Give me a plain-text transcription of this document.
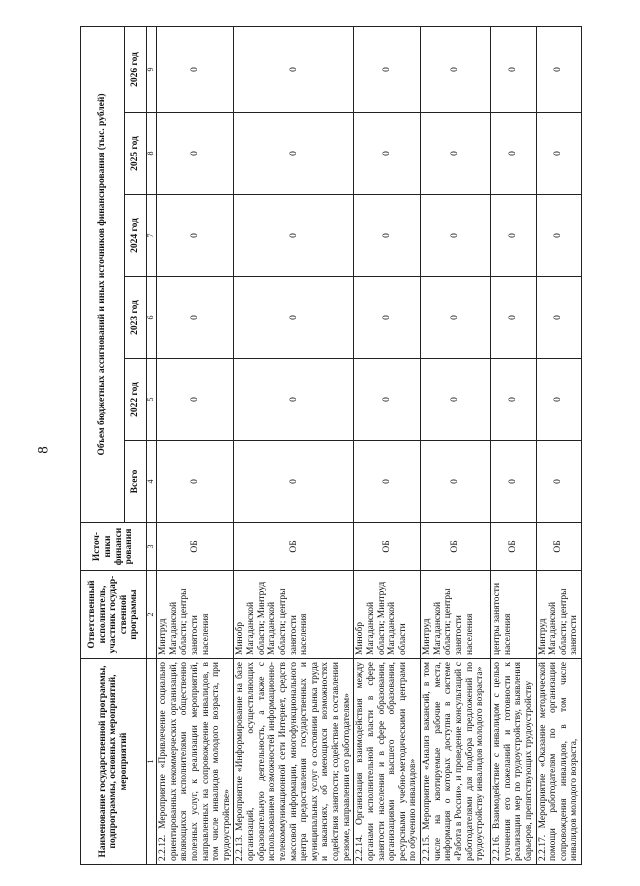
8
Наименование государственной программы, подпрограммы, основных мероприятий, мероприятий	Ответственный исполнитель, участник государ-ственной программы	Источ-ники финанси рования	Объем бюджетных ассигнований и иных источников финансирования (тыс. рублей)					
			Всего	2022 год	2023 год	2024 год	2025 год	2026 год
1	2	3	4	5	6	7	8	9
2.2.12. Мероприятие «Привлечение социально ориентированных некоммерческих организаций, являющихся исполнителями общественно полезных услуг, к реализации мероприятий, направленных на сопровождение инвалидов, в том числе инвалидов молодого возраста, при трудоустройстве»	Минтруд Магаданской области; центры занятости населения	ОБ	0	0	0	0	0	0
2.2.13. Мероприятие «Информирование на базе организаций, осуществляющих образовательную деятельность, а также с использованием возможностей информационно-телекоммуникационной сети Интернет, средств массовой информации, многофункционального центра предоставления государственных и муниципальных услуг о состоянии рынка труда и вакансиях, об имеющихся возможностях содействия занятости; содействие в составлении резюме, направлении его работодателям»	Минобр Магаданской области; Минтруд Магаданской области; центры занятости населения	ОБ	0	0	0	0	0	0
2.2.14. Организация взаимодействия между органами исполнительной власти в сфере занятости населения и в сфере образования, организациями высшего образования, ресурсными учебно-методическими центрами по обучению инвалидов»	Минобр Магаданской области; Минтруд Магаданской области	ОБ	0	0	0	0	0	0
2.2.15. Мероприятие «Анализ вакансий, в том числе на квотируемые рабочие места, информация о которых доступна в системе «Работа в России», и проведение консультаций с работодателями для подбора предложений по трудоустройству инвалидов молодого возраста»	Минтруд Магаданской области; центры занятости населения	ОБ	0	0	0	0	0	0
2.2.16. Взаимодействие с инвалидом с целью уточнения его пожеланий и готовности к реализации мер по трудоустройству, выявления барьеров, препятствующих трудоустройству	центры занятости населения	ОБ	0	0	0	0	0	0
2.2.17. Мероприятие «Оказание методической помощи работодателям по организации сопровождения инвалидов, в том числе инвалидов молодого возраста,	Минтруд Магаданской области; центры занятости	ОБ	0	0	0	0	0	0
